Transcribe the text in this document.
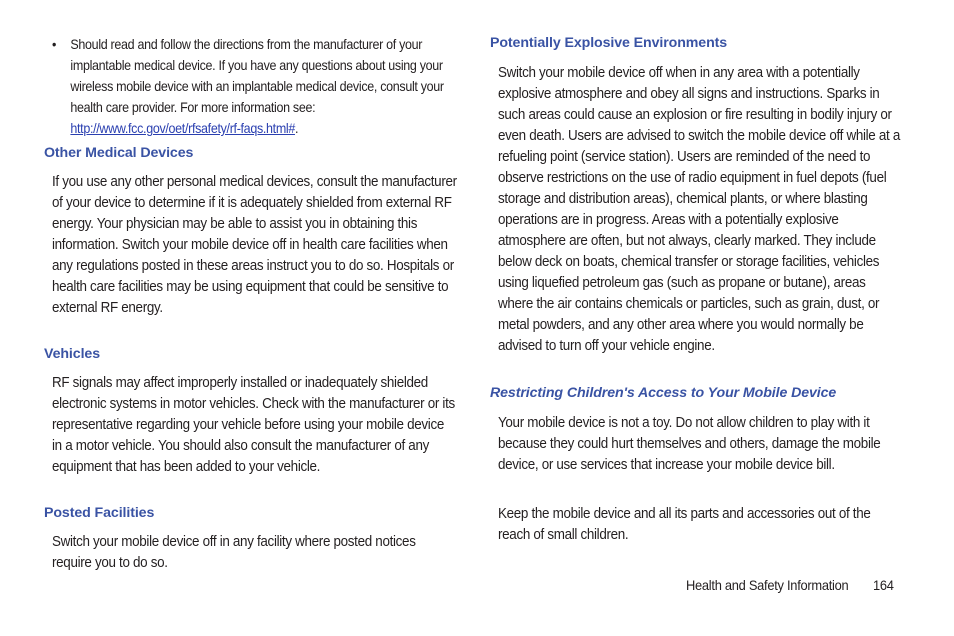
• Should read and follow the directions from the manufacturer of your implantable medical device. If you have any questions about using your wireless mobile device with an implantable medical device, consult your health care provider. For more information see: http://www.fcc.gov/oet/rfsafety/rf-faqs.html#.
Other Medical Devices
If you use any other personal medical devices, consult the manufacturer of your device to determine if it is adequately shielded from external RF energy. Your physician may be able to assist you in obtaining this information. Switch your mobile device off in health care facilities when any regulations posted in these areas instruct you to do so. Hospitals or health care facilities may be using equipment that could be sensitive to external RF energy.
Vehicles
RF signals may affect improperly installed or inadequately shielded electronic systems in motor vehicles. Check with the manufacturer or its representative regarding your vehicle before using your mobile device in a motor vehicle. You should also consult the manufacturer of any equipment that has been added to your vehicle.
Posted Facilities
Switch your mobile device off in any facility where posted notices require you to do so.
Potentially Explosive Environments
Switch your mobile device off when in any area with a potentially explosive atmosphere and obey all signs and instructions. Sparks in such areas could cause an explosion or fire resulting in bodily injury or even death. Users are advised to switch the mobile device off while at a refueling point (service station). Users are reminded of the need to observe restrictions on the use of radio equipment in fuel depots (fuel storage and distribution areas), chemical plants, or where blasting operations are in progress. Areas with a potentially explosive atmosphere are often, but not always, clearly marked. They include below deck on boats, chemical transfer or storage facilities, vehicles using liquefied petroleum gas (such as propane or butane), areas where the air contains chemicals or particles, such as grain, dust, or metal powders, and any other area where you would normally be advised to turn off your vehicle engine.
Restricting Children's Access to Your Mobile Device
Your mobile device is not a toy. Do not allow children to play with it because they could hurt themselves and others, damage the mobile device, or use services that increase your mobile device bill.
Keep the mobile device and all its parts and accessories out of the reach of small children.
Health and Safety Information 164
